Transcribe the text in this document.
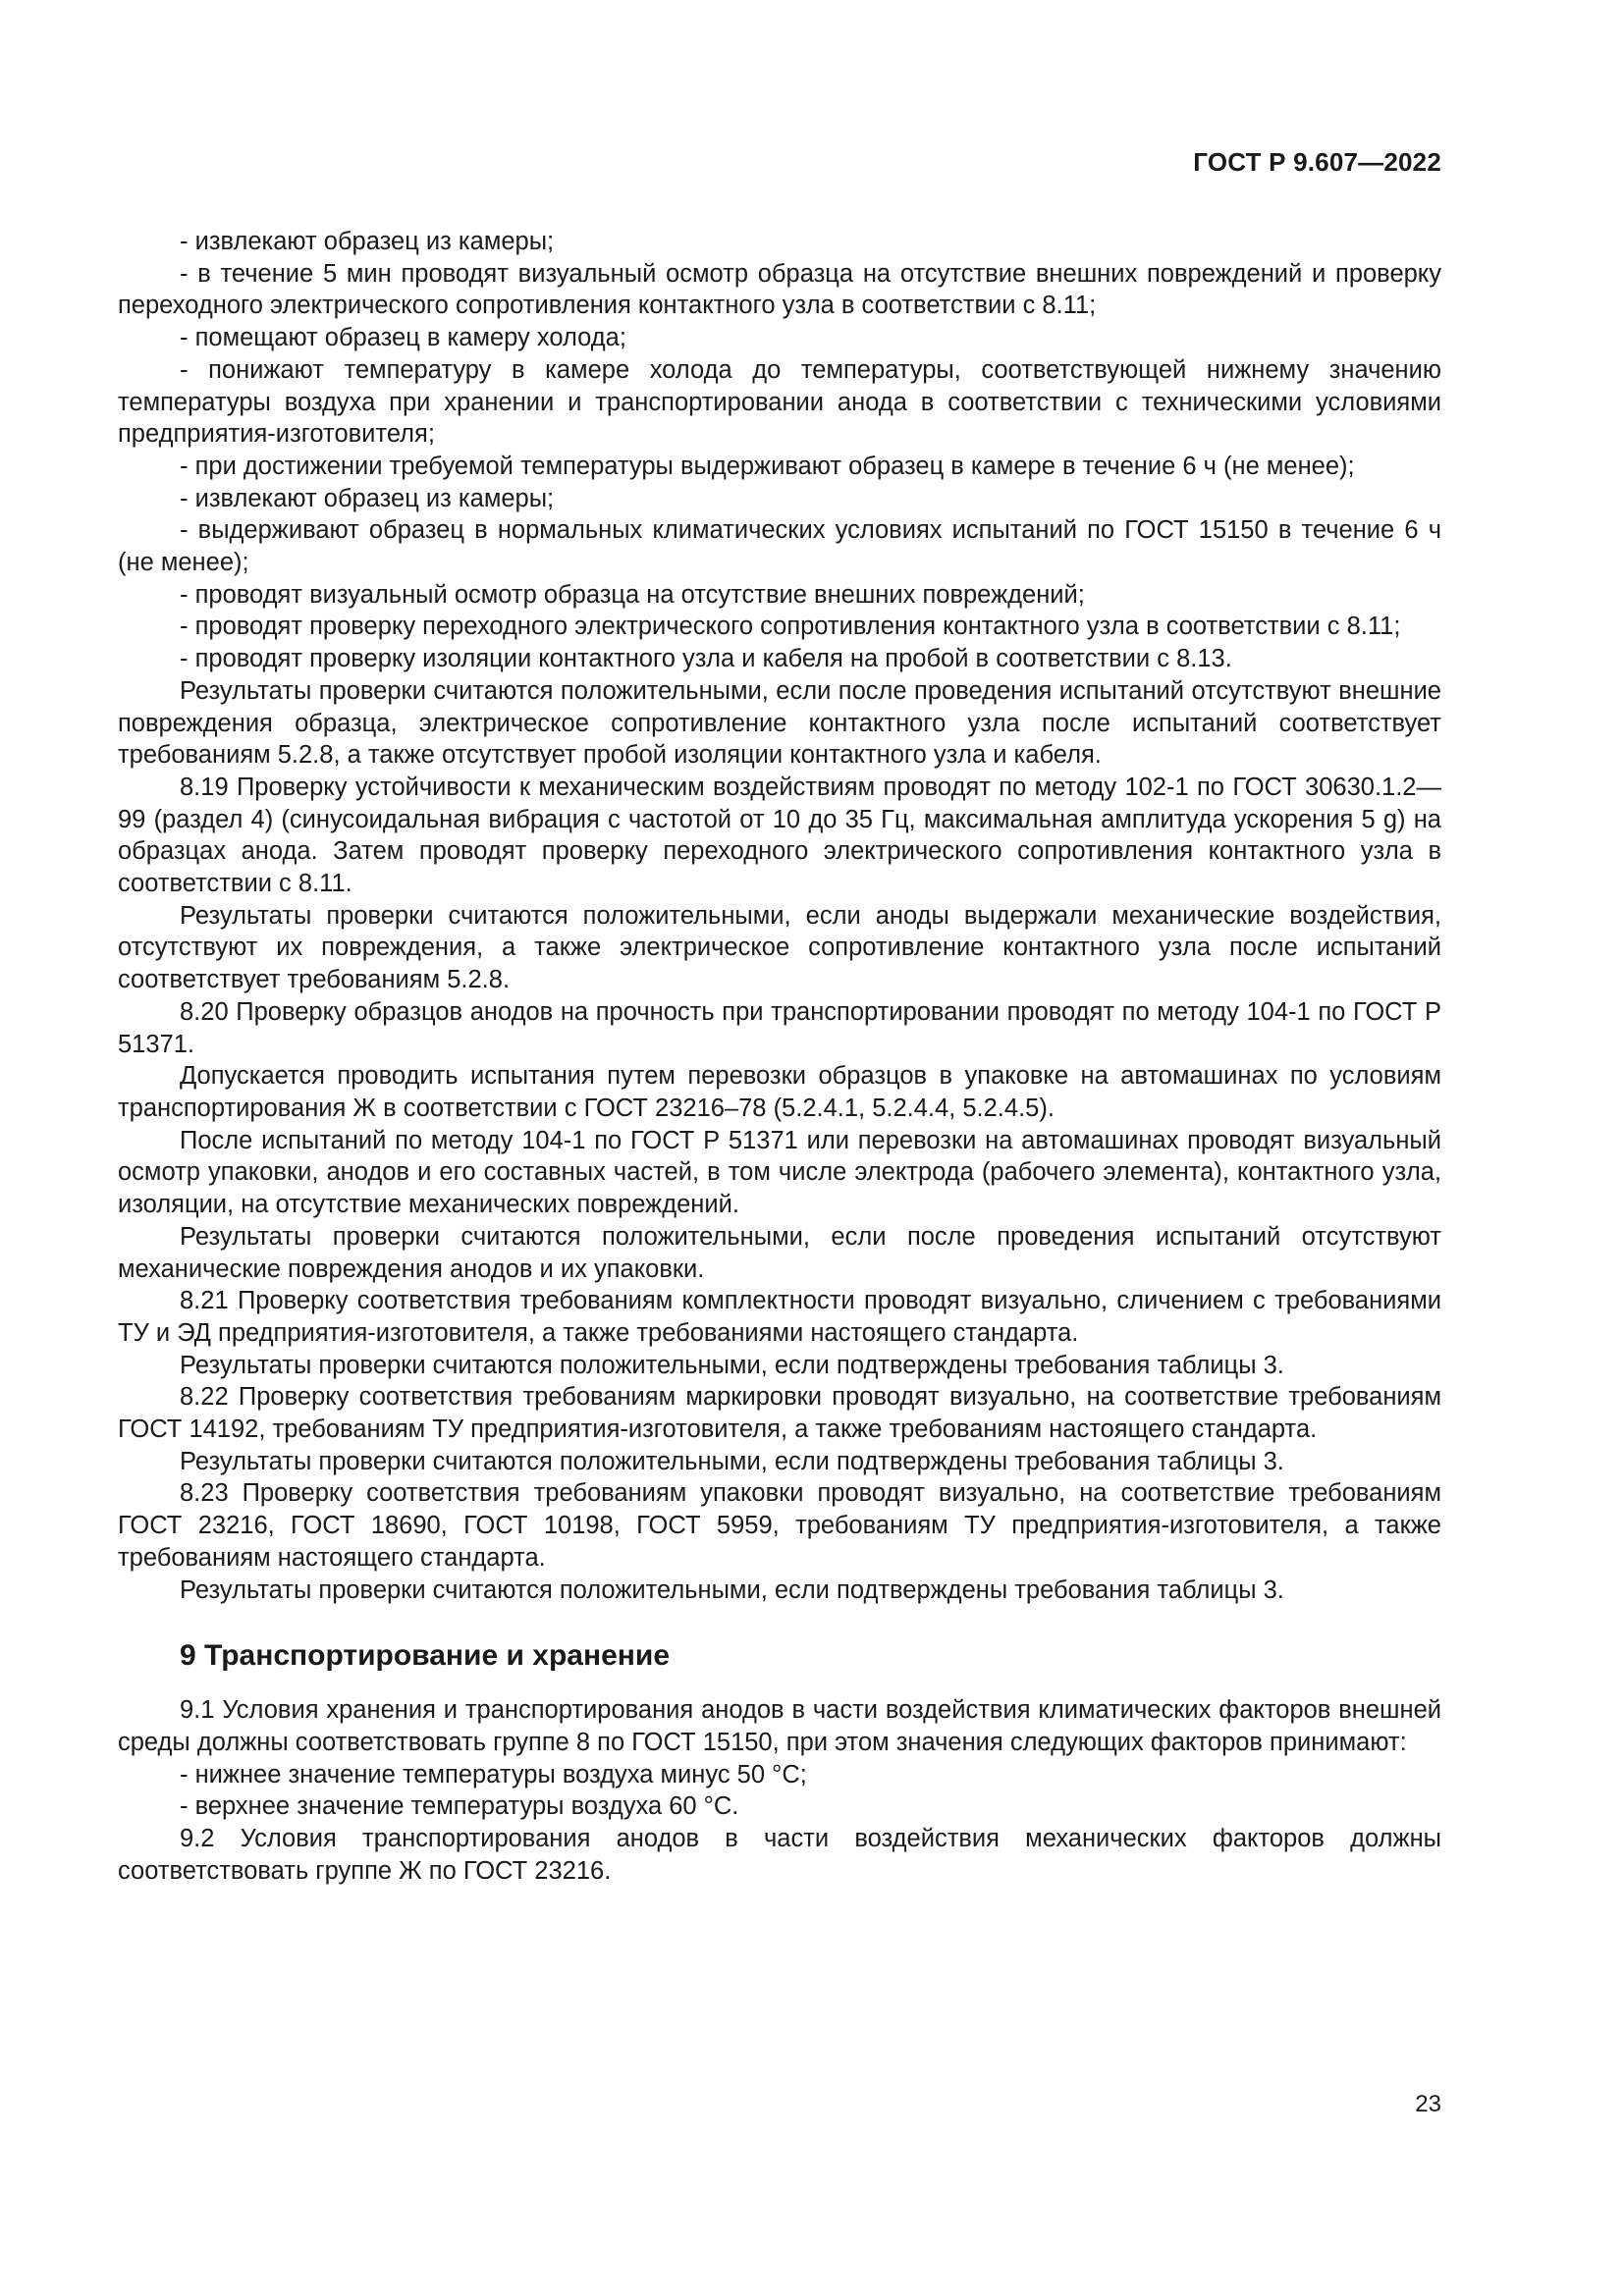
ГОСТ Р 9.607—2022

- извлекают образец из камеры;

- в течение 5 мин проводят визуальный осмотр образца на отсутствие внешних повреждений и проверку переходного электрического сопротивления контактного узла в соответствии с 8.11;

- помещают образец в камеру холода;

- понижают температуру в камере холода до температуры, соответствующей нижнему значению температуры воздуха при хранении и транспортировании анода в соответствии с техническими условиями предприятия-изготовителя;

- при достижении требуемой температуры выдерживают образец в камере в течение 6 ч (не менее);

- извлекают образец из камеры;

- выдерживают образец в нормальных климатических условиях испытаний по ГОСТ 15150 в течение 6 ч (не менее);

- проводят визуальный осмотр образца на отсутствие внешних повреждений;

- проводят проверку переходного электрического сопротивления контактного узла в соответствии с 8.11;

- проводят проверку изоляции контактного узла и кабеля на пробой в соответствии с 8.13.

Результаты проверки считаются положительными, если после проведения испытаний отсутствуют внешние повреждения образца, электрическое сопротивление контактного узла после испытаний соответствует требованиям 5.2.8, а также отсутствует пробой изоляции контактного узла и кабеля.

8.19 Проверку устойчивости к механическим воздействиям проводят по методу 102-1 по ГОСТ 30630.1.2—99 (раздел 4) (синусоидальная вибрация с частотой от 10 до 35 Гц, максимальная амплитуда ускорения 5 g) на образцах анода. Затем проводят проверку переходного электрического сопротивления контактного узла в соответствии с 8.11.

Результаты проверки считаются положительными, если аноды выдержали механические воздействия, отсутствуют их повреждения, а также электрическое сопротивление контактного узла после испытаний соответствует требованиям 5.2.8.

8.20 Проверку образцов анодов на прочность при транспортировании проводят по методу 104-1 по ГОСТ Р 51371.

Допускается проводить испытания путем перевозки образцов в упаковке на автомашинах по условиям транспортирования Ж в соответствии с ГОСТ 23216–78 (5.2.4.1, 5.2.4.4, 5.2.4.5).

После испытаний по методу 104-1 по ГОСТ Р 51371 или перевозки на автомашинах проводят визуальный осмотр упаковки, анодов и его составных частей, в том числе электрода (рабочего элемента), контактного узла, изоляции, на отсутствие механических повреждений.

Результаты проверки считаются положительными, если после проведения испытаний отсутствуют механические повреждения анодов и их упаковки.

8.21 Проверку соответствия требованиям комплектности проводят визуально, сличением с требованиями ТУ и ЭД предприятия-изготовителя, а также требованиями настоящего стандарта.

Результаты проверки считаются положительными, если подтверждены требования таблицы 3.

8.22 Проверку соответствия требованиям маркировки проводят визуально, на соответствие требованиям ГОСТ 14192, требованиям ТУ предприятия-изготовителя, а также требованиям настоящего стандарта.

Результаты проверки считаются положительными, если подтверждены требования таблицы 3.

8.23 Проверку соответствия требованиям упаковки проводят визуально, на соответствие требованиям ГОСТ 23216, ГОСТ 18690, ГОСТ 10198, ГОСТ 5959, требованиям ТУ предприятия-изготовителя, а также требованиям настоящего стандарта.

Результаты проверки считаются положительными, если подтверждены требования таблицы 3.

9 Транспортирование и хранение

9.1 Условия хранения и транспортирования анодов в части воздействия климатических факторов внешней среды должны соответствовать группе 8 по ГОСТ 15150, при этом значения следующих факторов принимают:

- нижнее значение температуры воздуха минус 50 °С;

- верхнее значение температуры воздуха 60 °С.

9.2 Условия транспортирования анодов в части воздействия механических факторов должны соответствовать группе Ж по ГОСТ 23216.

23
